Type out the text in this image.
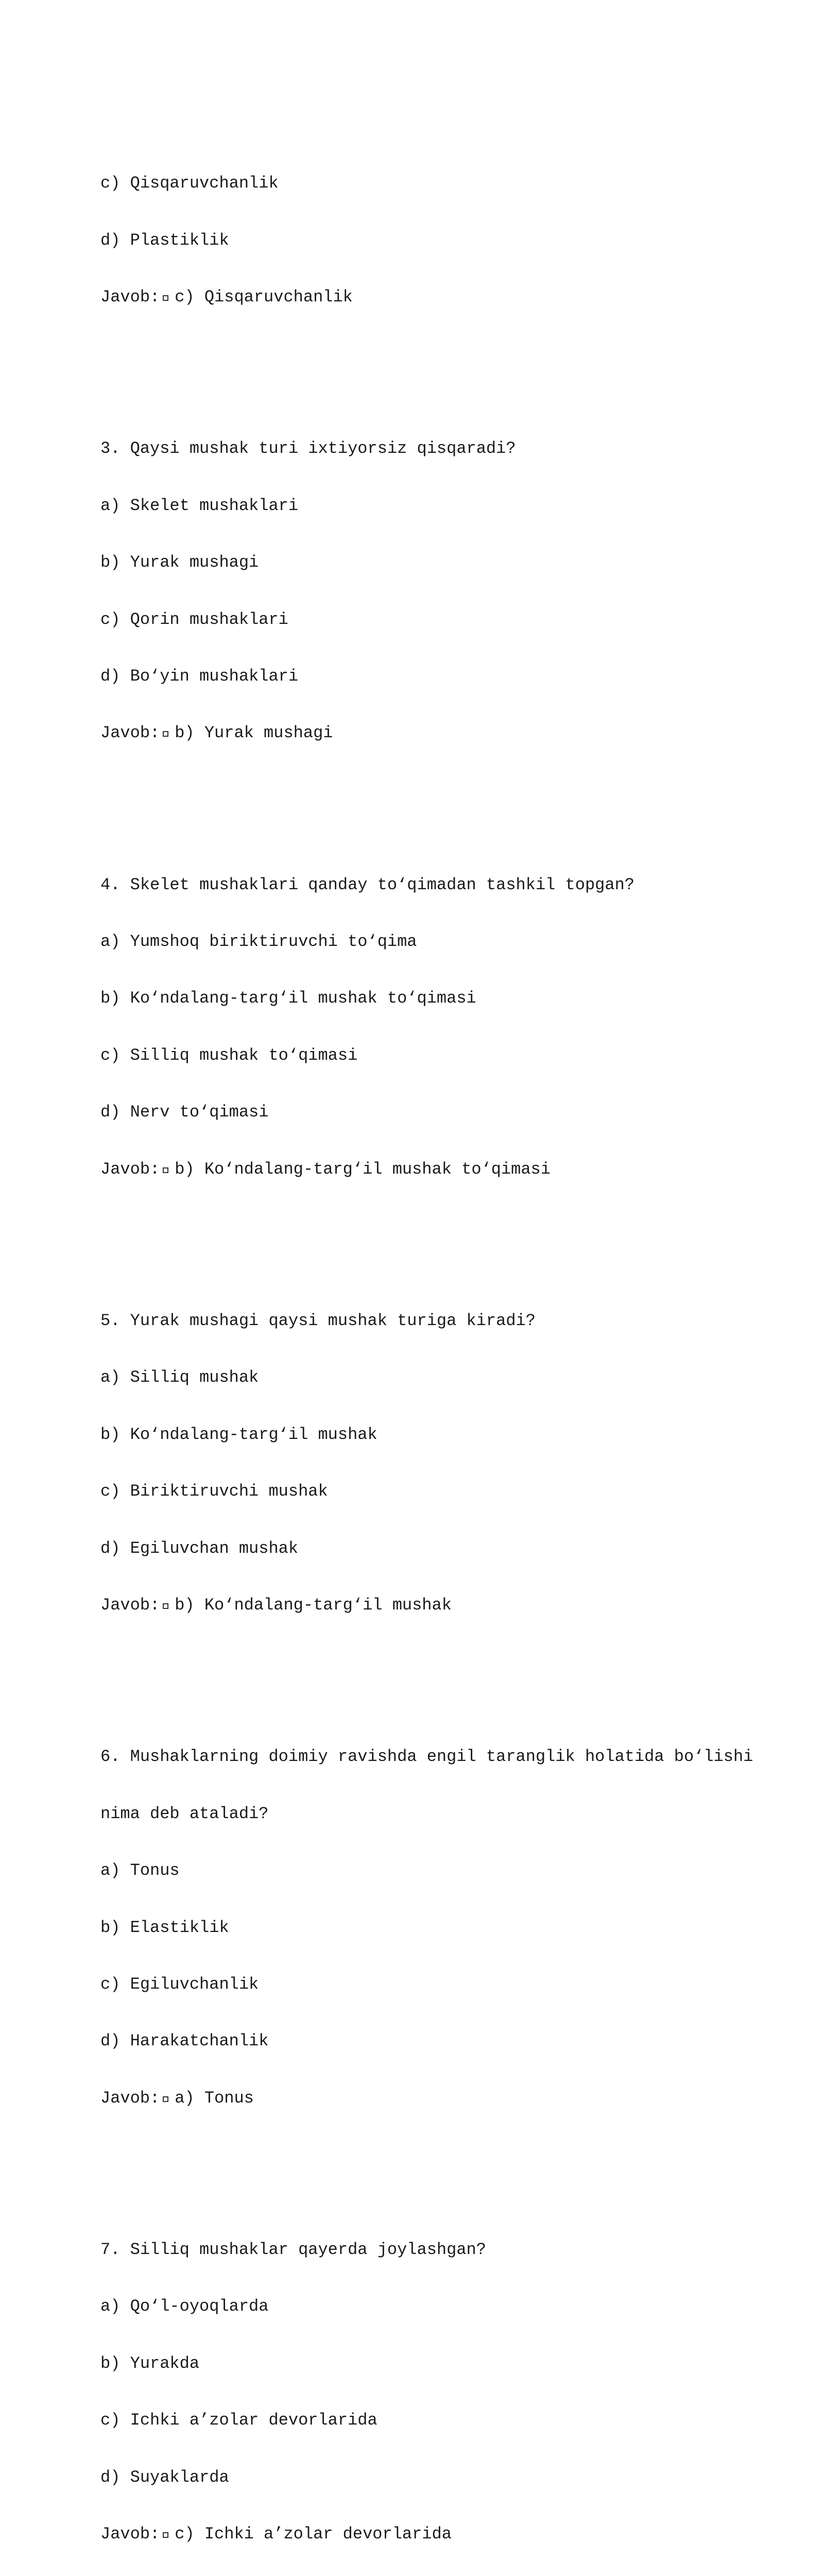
c) Qisqaruvchanlik

d) Plastiklik

Javob: c) Qisqaruvchanlik

3. Qaysi mushak turi ixtiyorsiz qisqaradi?

a) Skelet mushaklari

b) Yurak mushagi

c) Qorin mushaklari

d) Bo‘yin mushaklari

Javob: b) Yurak mushagi

4. Skelet mushaklari qanday to‘qimadan tashkil topgan?

a) Yumshoq biriktiruvchi to‘qima

b) Ko‘ndalang-targ‘il mushak to‘qimasi

c) Silliq mushak to‘qimasi

d) Nerv to‘qimasi

Javob: b) Ko‘ndalang-targ‘il mushak to‘qimasi

5. Yurak mushagi qaysi mushak turiga kiradi?

a) Silliq mushak

b) Ko‘ndalang-targ‘il mushak

c) Biriktiruvchi mushak

d) Egiluvchan mushak

Javob: b) Ko‘ndalang-targ‘il mushak

6. Mushaklarning doimiy ravishda engil taranglik holatida bo‘lishi

nima deb ataladi?

a) Tonus

b) Elastiklik

c) Egiluvchanlik

d) Harakatchanlik

Javob: a) Tonus

7. Silliq mushaklar qayerda joylashgan?

a) Qo‘l-oyoqlarda

b) Yurakda

c) Ichki a’zolar devorlarida

d) Suyaklarda

Javob: c) Ichki a’zolar devorlarida
